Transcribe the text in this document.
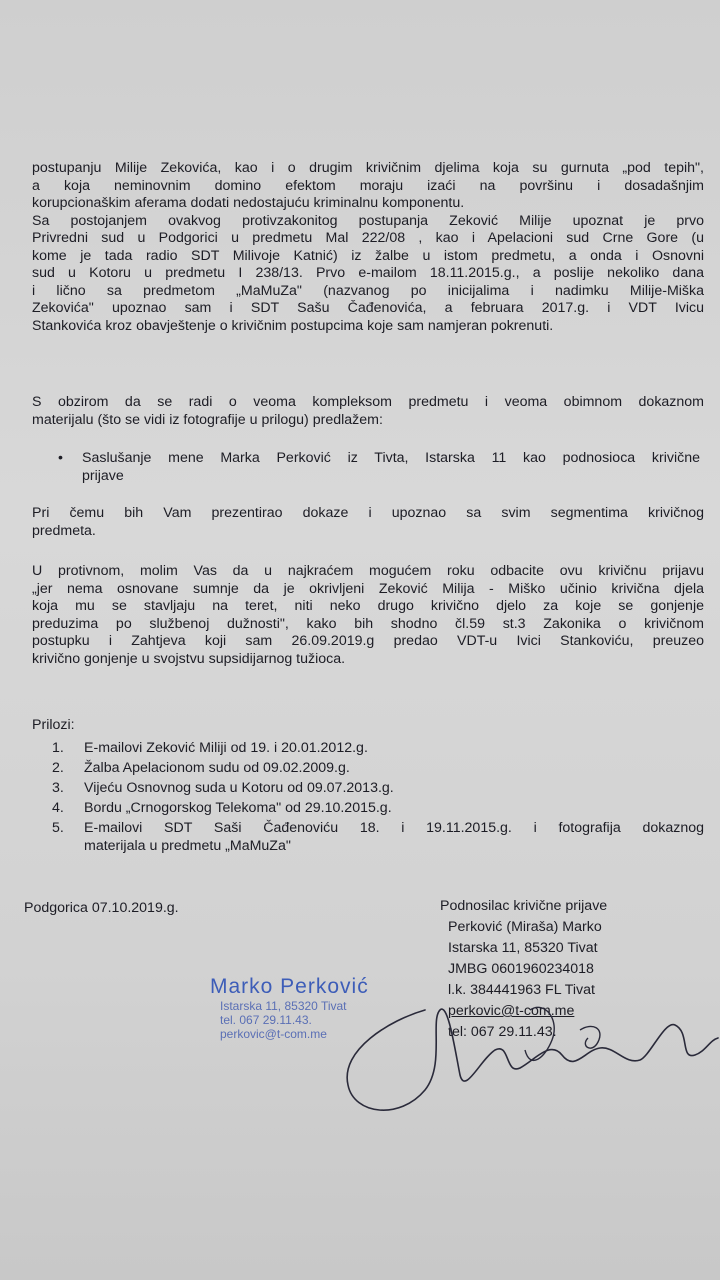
postupanju Milije Zekovića, kao i o drugim krivičnim djelima koja su gurnuta „pod tepih",
a koja neminovnim domino efektom moraju izaći na površinu i dosadašnjim
korupcionaškim aferama dodati nedostajuću kriminalnu komponentu.
Sa postojanjem ovakvog protivzakonitog postupanja Zeković Milije upoznat je prvo
Privredni sud u Podgorici u predmetu Mal 222/08 , kao i Apelacioni sud Crne Gore (u
kome je tada radio SDT Milivoje Katnić) iz žalbe u istom predmetu, a onda i Osnovni
sud u Kotoru u predmetu I 238/13. Prvo e-mailom 18.11.2015.g., a poslije nekoliko dana
i lično sa predmetom „MaMuZa" (nazvanog po inicijalima i nadimku Milije-Miška
Zekovića" upoznao sam i SDT Sašu Čađenovića, a februara 2017.g. i VDT Ivicu
Stankovića kroz obavještenje o krivičnim postupcima koje sam namjeran pokrenuti.
S obzirom da se radi o veoma kompleksom predmetu i veoma obimnom dokaznom
materijalu (što se vidi iz fotografije u prilogu) predlažem:
• Saslušanje mene Marka Perković iz Tivta, Istarska 11 kao podnosioca krivične
prijave
Pri čemu bih Vam prezentirao dokaze i upoznao sa svim segmentima krivičnog
predmeta.
U protivnom, molim Vas da u najkraćem mogućem roku odbacite ovu krivičnu prijavu
„jer nema osnovane sumnje da je okrivljeni Zeković Milija - Miško učinio krivična djela
koja mu se stavljaju na teret, niti neko drugo krivično djelo za koje se gonjenje
preduzima po službenoj dužnosti", kako bih shodno čl.59 st.3 Zakonika o krivičnom
postupku i Zahtjeva koji sam 26.09.2019.g predao VDT-u Ivici Stankoviću, preuzeo
krivično gonjenje u svojstvu supsidijarnog tužioca.
Prilozi:
1. E-mailovi Zeković Miliji od 19. i 20.01.2012.g.
2. Žalba Apelacionom sudu od 09.02.2009.g.
3. Vijeću Osnovnog suda u Kotoru od 09.07.2013.g.
4. Bordu „Crnogorskog Telekoma" od 29.10.2015.g.
5. E-mailovi SDT Saši Čađenoviću 18. i 19.11.2015.g. i fotografija dokaznog
materijala u predmetu „MaMuZa"
Podgorica 07.10.2019.g.	Podnosilac krivične prijave
Perković (Miraša) Marko
Istarska 11, 85320 Tivat
JMBG 0601960234018
l.k. 384441963 FL Tivat
perkovic@t-com.me
tel: 067 29.11.43.
Marko Perković
Istarska 11, 85320 Tivat
tel. 067 29.11.43.
perkovic@t-com.me
